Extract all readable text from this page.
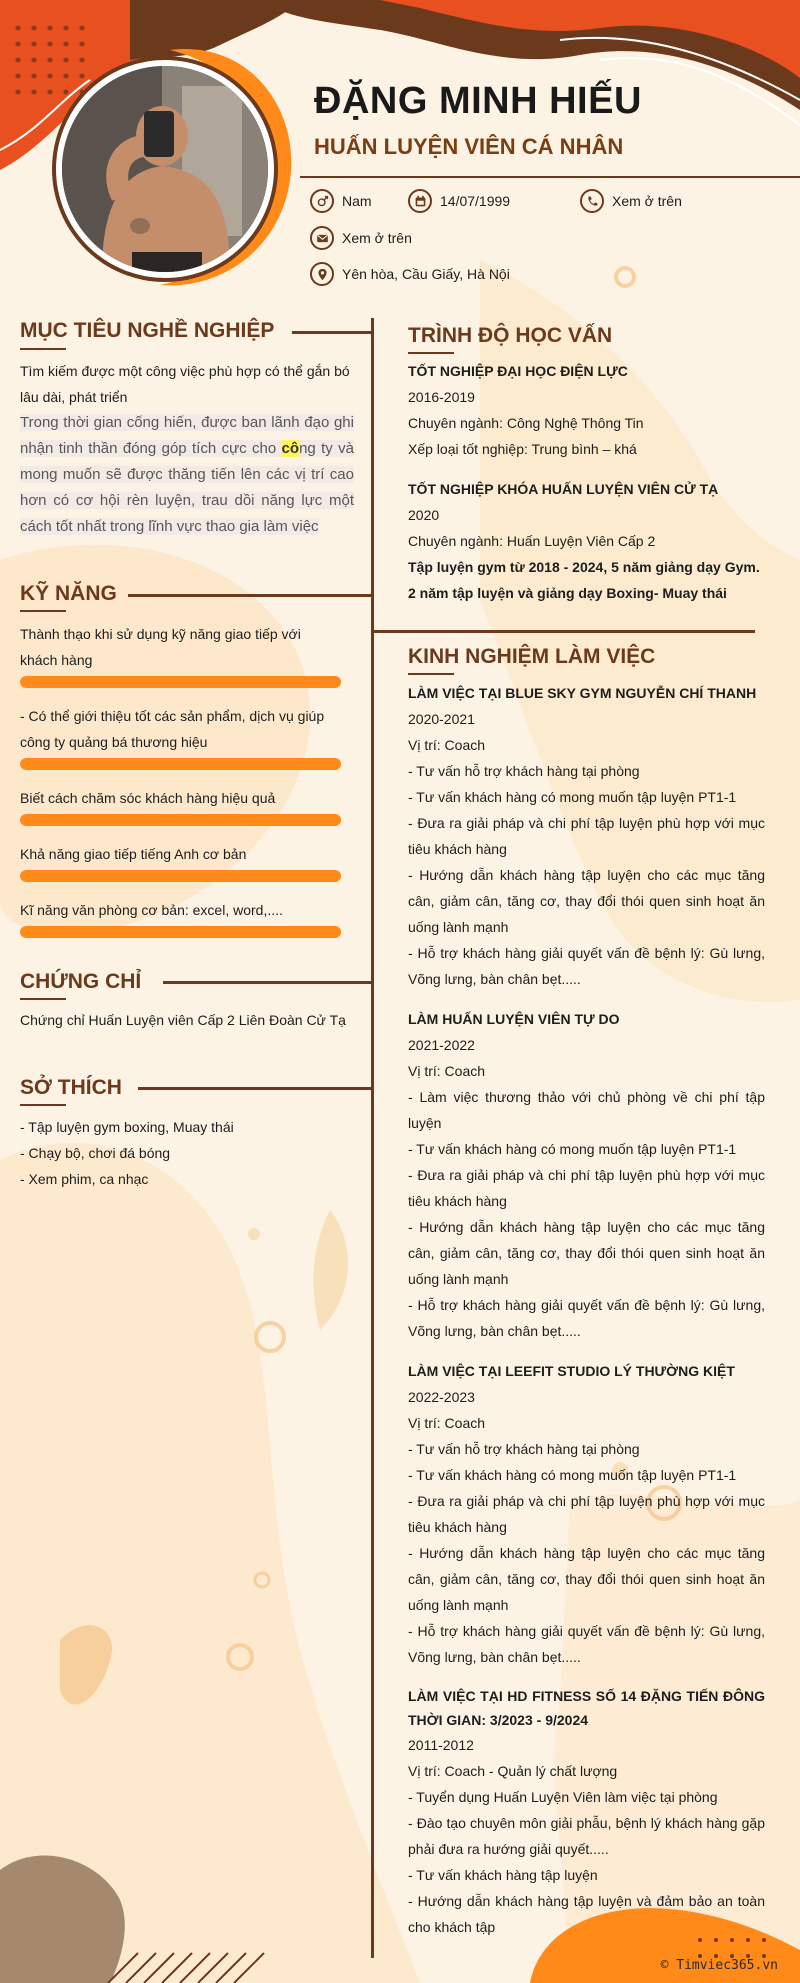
ĐẶNG MINH HIẾU
HUẤN LUYỆN VIÊN CÁ NHÂN
Nam	14/07/1999	Xem ở trên
Xem ở trên
Yên hòa, Cầu Giấy, Hà Nội
MỤC TIÊU NGHỀ NGHIỆP
Tìm kiếm được một công việc phù hợp có thể gắn bó lâu dài, phát triển
Trong thời gian cống hiến, được ban lãnh đạo ghi nhận tinh thần đóng góp tích cực cho công ty và mong muốn sẽ được thăng tiến lên các vị trí cao hơn có cơ hội rèn luyện, trau dồi năng lực một cách tốt nhất trong lĩnh vực thao gia làm việc
KỸ NĂNG
Thành thạo khi sử dụng kỹ năng giao tiếp với khách hàng
- Có thể giới thiệu tốt các sản phẩm, dịch vụ giúp công ty quảng bá thương hiệu
Biết cách chăm sóc khách hàng hiệu quả
Khả năng giao tiếp tiếng Anh cơ bản
Kĩ năng văn phòng cơ bản: excel, word,....
CHỨNG CHỈ
Chứng chỉ Huấn Luyện viên Cấp 2 Liên Đoàn Cử Tạ
SỞ THÍCH
- Tập luyện gym boxing, Muay thái
- Chạy bộ, chơi đá bóng
- Xem phim, ca nhạc
TRÌNH ĐỘ HỌC VẤN

TỐT NGHIỆP ĐẠI HỌC ĐIỆN LỰC

2016-2019

Chuyên ngành: Công Nghệ Thông Tin

Xếp loại tốt nghiệp: Trung bình – khá

TỐT NGHIỆP KHÓA HUẤN LUYỆN VIÊN CỬ TẠ

2020

Chuyên ngành: Huấn Luyện Viên Cấp 2

Tập luyện gym từ 2018 - 2024, 5 năm giảng dạy Gym.

2 năm tập luyện và giảng dạy Boxing- Muay thái

KINH NGHIỆM LÀM VIỆC

LÀM VIỆC TẠI BLUE SKY GYM NGUYỄN CHÍ THANH

2020-2021

Vị trí: Coach

- Tư vấn hỗ trợ khách hàng tại phòng

- Tư vấn khách hàng có mong muốn tập luyện PT1-1

- Đưa ra giải pháp và chi phí tập luyện phù hợp với mục tiêu khách hàng

- Hướng dẫn khách hàng tập luyện cho các mục tăng cân, giảm cân, tăng cơ, thay đổi thói quen sinh hoạt ăn uống lành mạnh

- Hỗ trợ khách hàng giải quyết vấn đề bệnh lý: Gù lưng, Võng lưng, bàn chân bẹt.....

LÀM HUẤN LUYỆN VIÊN TỰ DO

2021-2022

Vị trí: Coach

- Làm việc thương thảo với chủ phòng về chi phí tập luyện

- Tư vấn khách hàng có mong muốn tập luyện PT1-1

- Đưa ra giải pháp và chi phí tập luyện phù hợp với mục tiêu khách hàng

- Hướng dẫn khách hàng tập luyện cho các mục tăng cân, giảm cân, tăng cơ, thay đổi thói quen sinh hoạt ăn uống lành mạnh

- Hỗ trợ khách hàng giải quyết vấn đề bệnh lý: Gù lưng, Võng lưng, bàn chân bẹt.....

LÀM VIỆC TẠI LEEFIT STUDIO LÝ THƯỜNG KIỆT

2022-2023

Vị trí: Coach

- Tư vấn hỗ trợ khách hàng tại phòng

- Tư vấn khách hàng có mong muốn tập luyện PT1-1

- Đưa ra giải pháp và chi phí tập luyện phù hợp với mục tiêu khách hàng

- Hướng dẫn khách hàng tập luyện cho các mục tăng cân, giảm cân, tăng cơ, thay đổi thói quen sinh hoạt ăn uống lành mạnh

- Hỗ trợ khách hàng giải quyết vấn đề bệnh lý: Gù lưng, Võng lưng, bàn chân bẹt.....

LÀM VIỆC TẠI HD FITNESS SỐ 14 ĐẶNG TIẾN ĐÔNG THỜI GIAN: 3/2023 - 9/2024

2011-2012

Vị trí: Coach - Quản lý chất lượng

- Tuyển dụng Huấn Luyện Viên làm việc tại phòng

- Đào tạo chuyên môn giải phẫu, bệnh lý khách hàng gặp phải đưa ra hướng giải quyết.....

- Tư vấn khách hàng tập luyện

- Hướng dẫn khách hàng tập luyện và đảm bảo an toàn cho khách tập

© Timviec365.vn
